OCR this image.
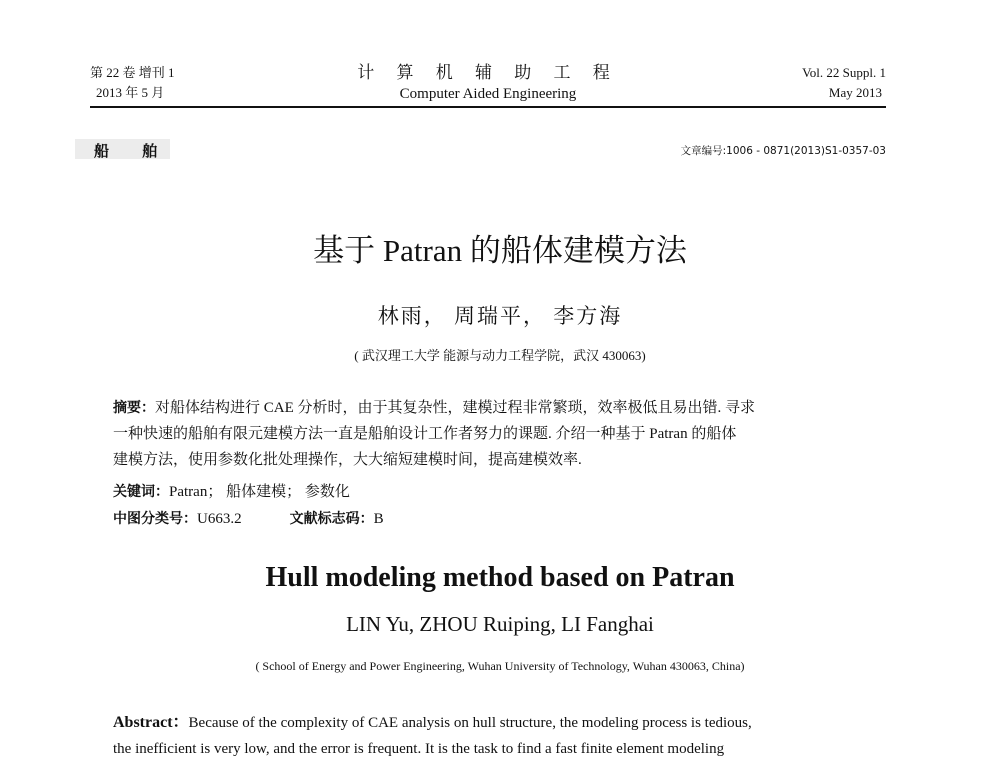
第 22 卷 增刊 1
2013 年 5 月
计 算 机 辅 助 工 程
Computer Aided Engineering
Vol. 22 Suppl. 1
May 2013
船 舶	文章编号:1006 - 0871(2013)S1-0357-03
基于 Patran 的船体建模方法
林雨， 周瑞平， 李方海
( 武汉理工大学 能源与动力工程学院，武汉 430063)
摘要：对船体结构进行 CAE 分析时，由于其复杂性，建模过程非常繁琐，效率极低且易出错. 寻求
一种快速的船舶有限元建模方法一直是船舶设计工作者努力的课题. 介绍一种基于 Patran 的船体
建模方法，使用参数化批处理操作，大大缩短建模时间，提高建模效率.
关键词：Patran； 船体建模； 参数化
中图分类号：U663.2	文献标志码：B
Hull modeling method based on Patran
LIN Yu, ZHOU Ruiping, LI Fanghai
( School of Energy and Power Engineering, Wuhan University of Technology, Wuhan 430063, China)
Abstract：Because of the complexity of CAE analysis on hull structure, the modeling process is tedious,
the inefficient is very low, and the error is frequent. It is the task to find a fast finite element modeling
